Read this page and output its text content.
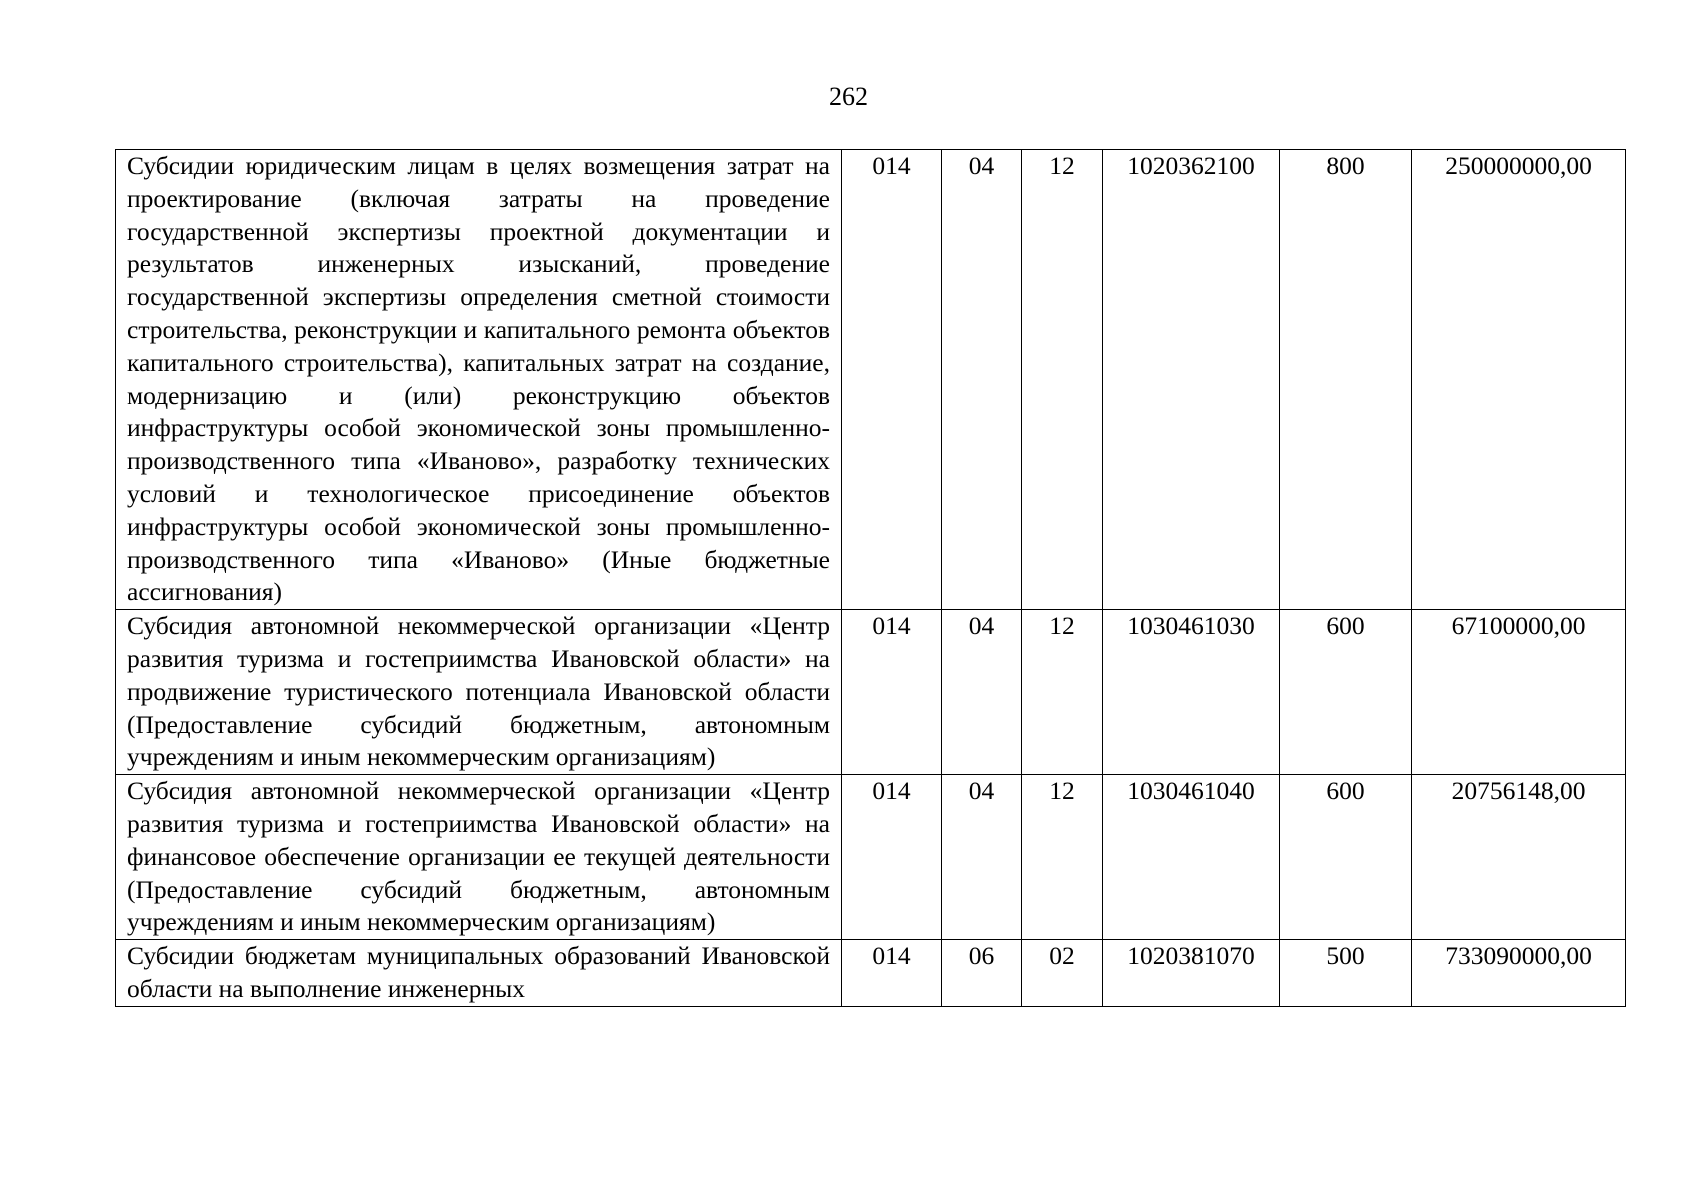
262
Субсидии юридическим лицам в целях возмещения затрат на проектирование (включая затраты на проведение государственной экспертизы проектной документации и результатов инженерных изысканий, проведение государственной экспертизы определения сметной стоимости строительства, реконструкции и капитального ремонта объектов капитального строительства), капитальных затрат на создание, модернизацию и (или) реконструкцию объектов инфраструктуры особой экономической зоны промышленно-производственного типа «Иваново», разработку технических условий и технологическое присоединение объектов инфраструктуры особой экономической зоны промышленно-производственного типа «Иваново» (Иные бюджетные ассигнования)	014	04	12	1020362100	800	250000000,00
Субсидия автономной некоммерческой организации «Центр развития туризма и гостеприимства Ивановской области» на продвижение туристического потенциала Ивановской области (Предоставление субсидий бюджетным, автономным учреждениям и иным некоммерческим организациям)	014	04	12	1030461030	600	67100000,00
Субсидия автономной некоммерческой организации «Центр развития туризма и гостеприимства Ивановской области» на финансовое обеспечение организации ее текущей деятельности (Предоставление субсидий бюджетным, автономным учреждениям и иным некоммерческим организациям)	014	04	12	1030461040	600	20756148,00

Субсидии бюджетам муниципальных образований Ивановской области на выполнение инженерных	014	06	02	1020381070	500	733090000,00
